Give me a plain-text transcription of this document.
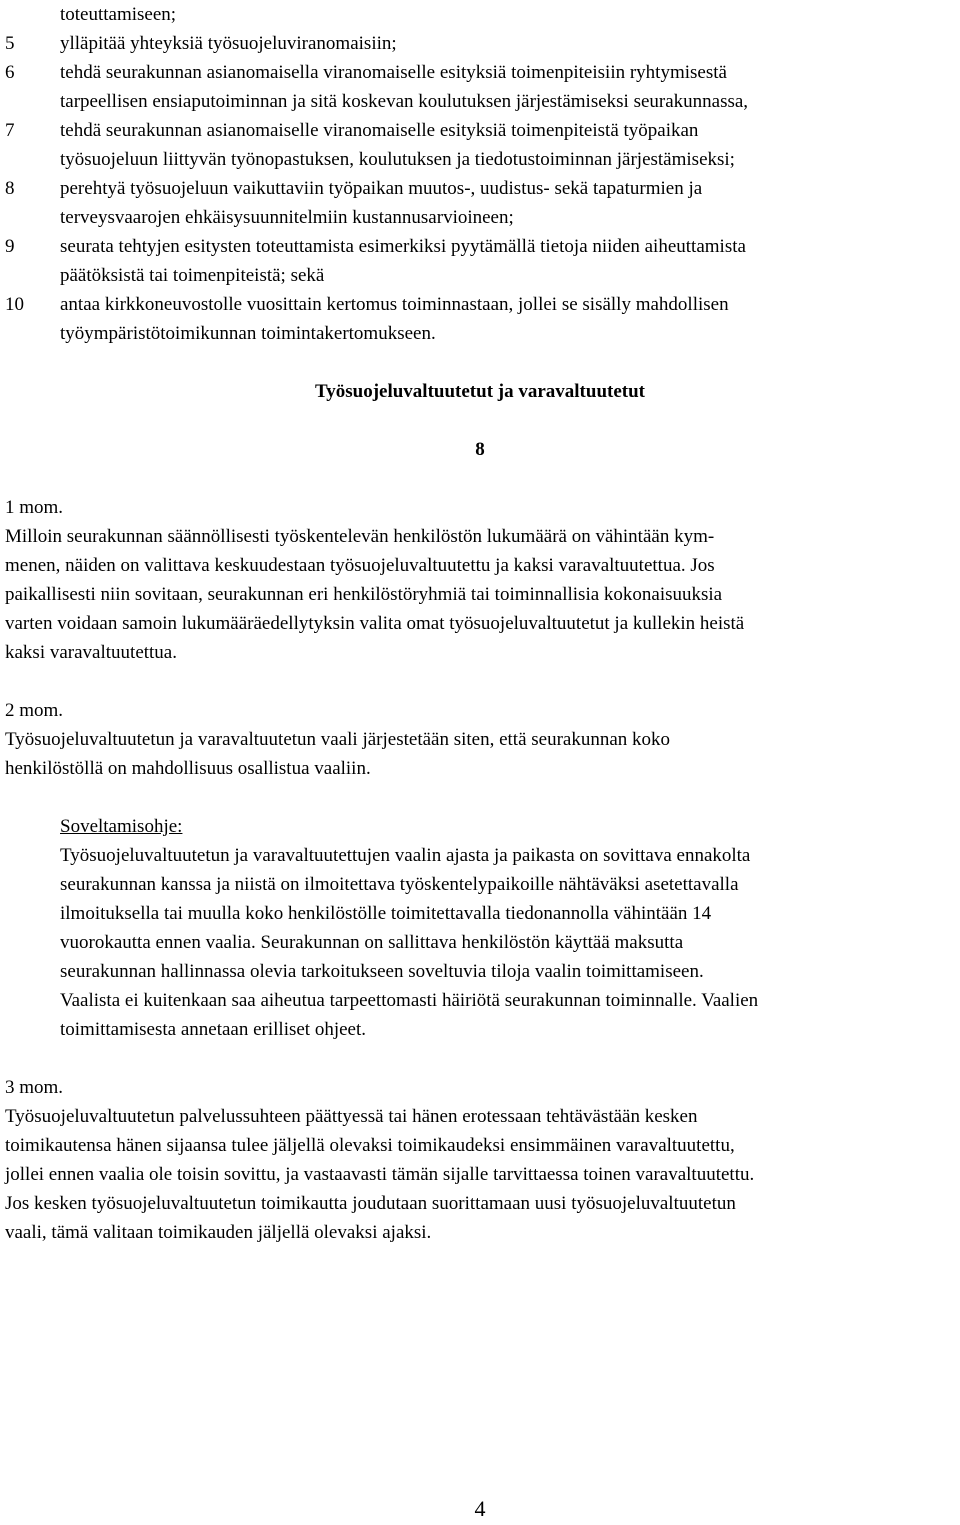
toteuttamiseen;
5 ylläpitää yhteyksiä työsuojeluviranomaisiin;
6 tehdä seurakunnan asianomaisella viranomaiselle esityksiä toimenpiteisiin ryhtymisestä
tarpeellisen ensiaputoiminnan ja sitä koskevan koulutuksen järjestämiseksi seurakunnassa,
7 tehdä seurakunnan asianomaiselle viranomaiselle esityksiä toimenpiteistä työpaikan
työsuojeluun liittyvän työnopastuksen, koulutuksen ja tiedotustoiminnan järjestämiseksi;
8 perehtyä työsuojeluun vaikuttaviin työpaikan muutos-, uudistus- sekä tapaturmien ja
terveysvaarojen ehkäisysuunnitelmiin kustannusarvioineen;
9 seurata tehtyjen esitysten toteuttamista esimerkiksi pyytämällä tietoja niiden aiheuttamista
päätöksistä tai toimenpiteistä; sekä
10 antaa kirkkoneuvostolle vuosittain kertomus toiminnastaan, jollei se sisälly mahdollisen
työympäristötoimikunnan toimintakertomukseen.
Työsuojeluvaltuutetut ja varavaltuutetut
8
1 mom.
Milloin seurakunnan säännöllisesti työskentelevän henkilöstön lukumäärä on vähintään kym-
menen, näiden on valittava keskuudestaan työsuojeluvaltuutettu ja kaksi varavaltuutettua. Jos
paikallisesti niin sovitaan, seurakunnan eri henkilöstöryhmiä tai toiminnallisia kokonaisuuksia
varten voidaan samoin lukumääräedellytyksin valita omat työsuojeluvaltuutetut ja kullekin heistä
kaksi varavaltuutettua.
2 mom.
Työsuojeluvaltuutetun ja varavaltuutetun vaali järjestetään siten, että seurakunnan koko
henkilöstöllä on mahdollisuus osallistua vaaliin.
Soveltamisohje:
Työsuojeluvaltuutetun ja varavaltuutettujen vaalin ajasta ja paikasta on sovittava ennakolta
seurakunnan kanssa ja niistä on ilmoitettava työskentelypaikoille nähtäväksi asetettavalla
ilmoituksella tai muulla koko henkilöstölle toimitettavalla tiedonannolla vähintään 14
vuorokautta ennen vaalia. Seurakunnan on sallittava henkilöstön käyttää maksutta
seurakunnan hallinnassa olevia tarkoitukseen soveltuvia tiloja vaalin toimittamiseen.
Vaalista ei kuitenkaan saa aiheutua tarpeettomasti häiriötä seurakunnan toiminnalle. Vaalien
toimittamisesta annetaan erilliset ohjeet.
3 mom.
Työsuojeluvaltuutetun palvelussuhteen päättyessä tai hänen erotessaan tehtävästään kesken
toimikautensa hänen sijaansa tulee jäljellä olevaksi toimikaudeksi ensimmäinen varavaltuutettu,
jollei ennen vaalia ole toisin sovittu, ja vastaavasti tämän sijalle tarvittaessa toinen varavaltuutettu.
Jos kesken työsuojeluvaltuutetun toimikautta joudutaan suorittamaan uusi työsuojeluvaltuutetun
vaali, tämä valitaan toimikauden jäljellä olevaksi ajaksi.
4
